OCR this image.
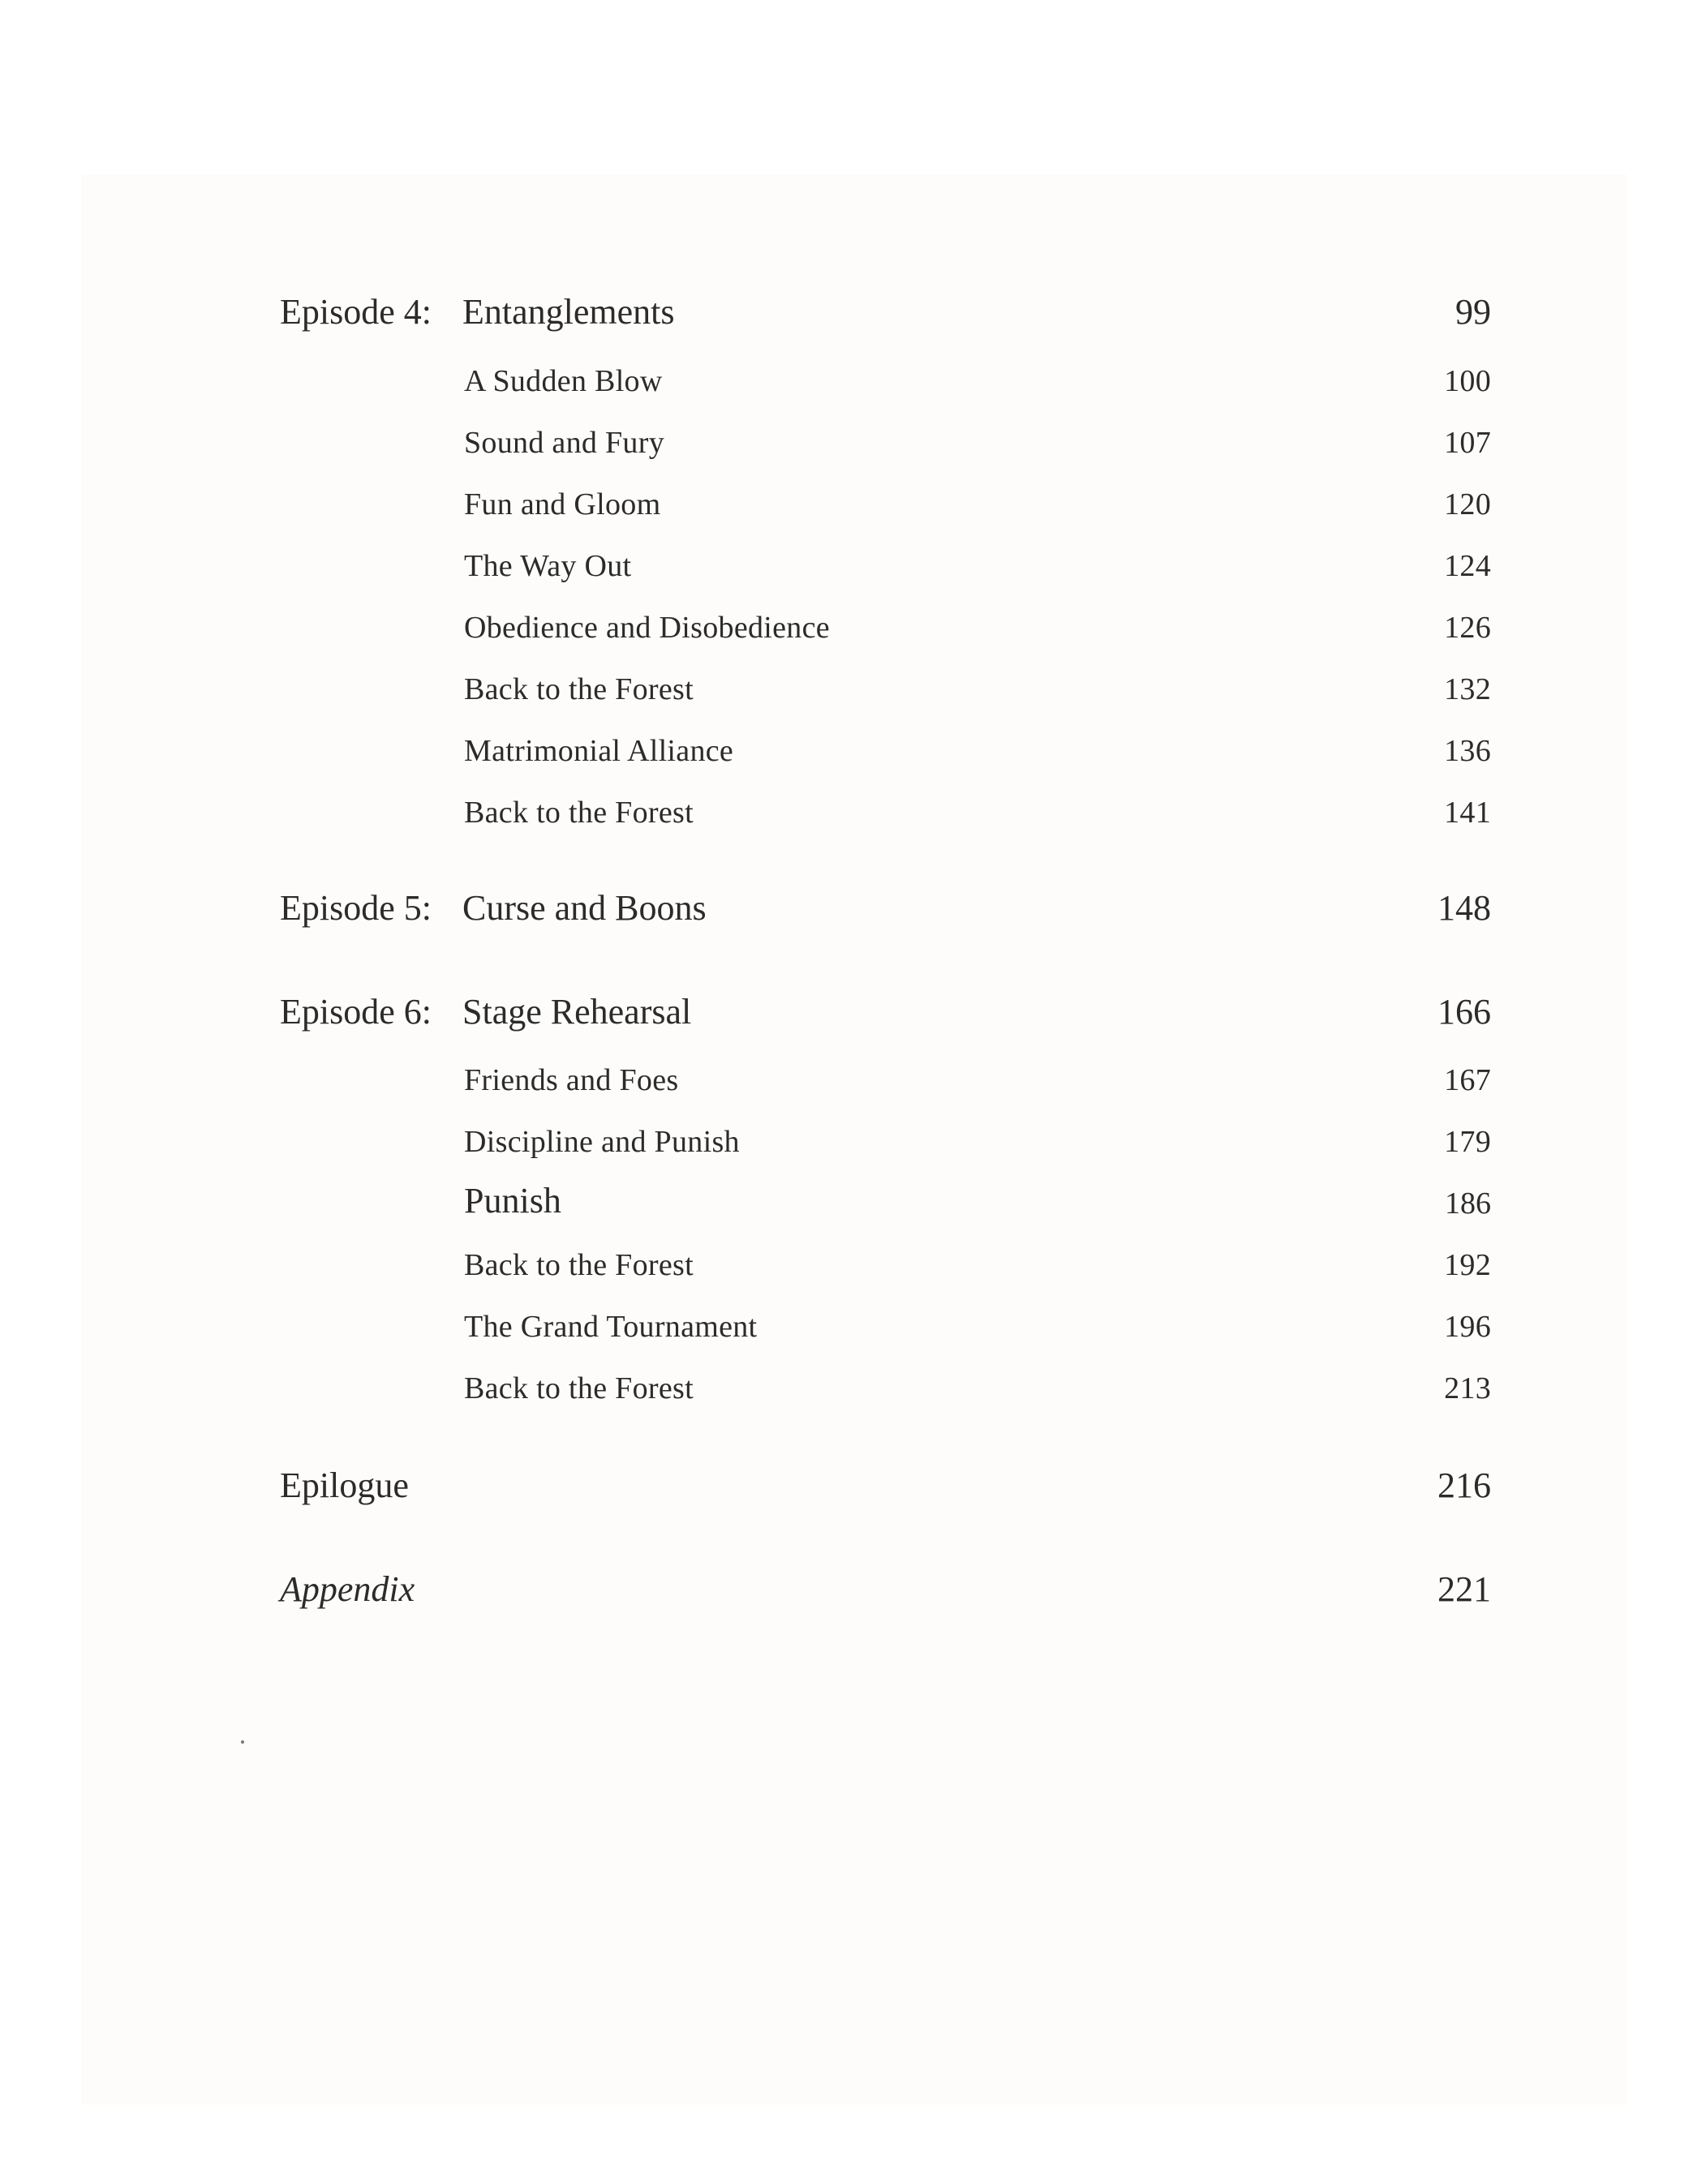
Episode 4: Entanglements	99
A Sudden Blow	100
Sound and Fury	107
Fun and Gloom	120
The Way Out	124
Obedience and Disobedience	126
Back to the Forest	132
Matrimonial Alliance	136
Back to the Forest	141
Episode 5: Curse and Boons	148
Episode 6: Stage Rehearsal	166
Friends and Foes	167
Discipline and Punish	179
Punish	186
Back to the Forest	192
The Grand Tournament	196
Back to the Forest	213
Epilogue	216
Appendix	221
